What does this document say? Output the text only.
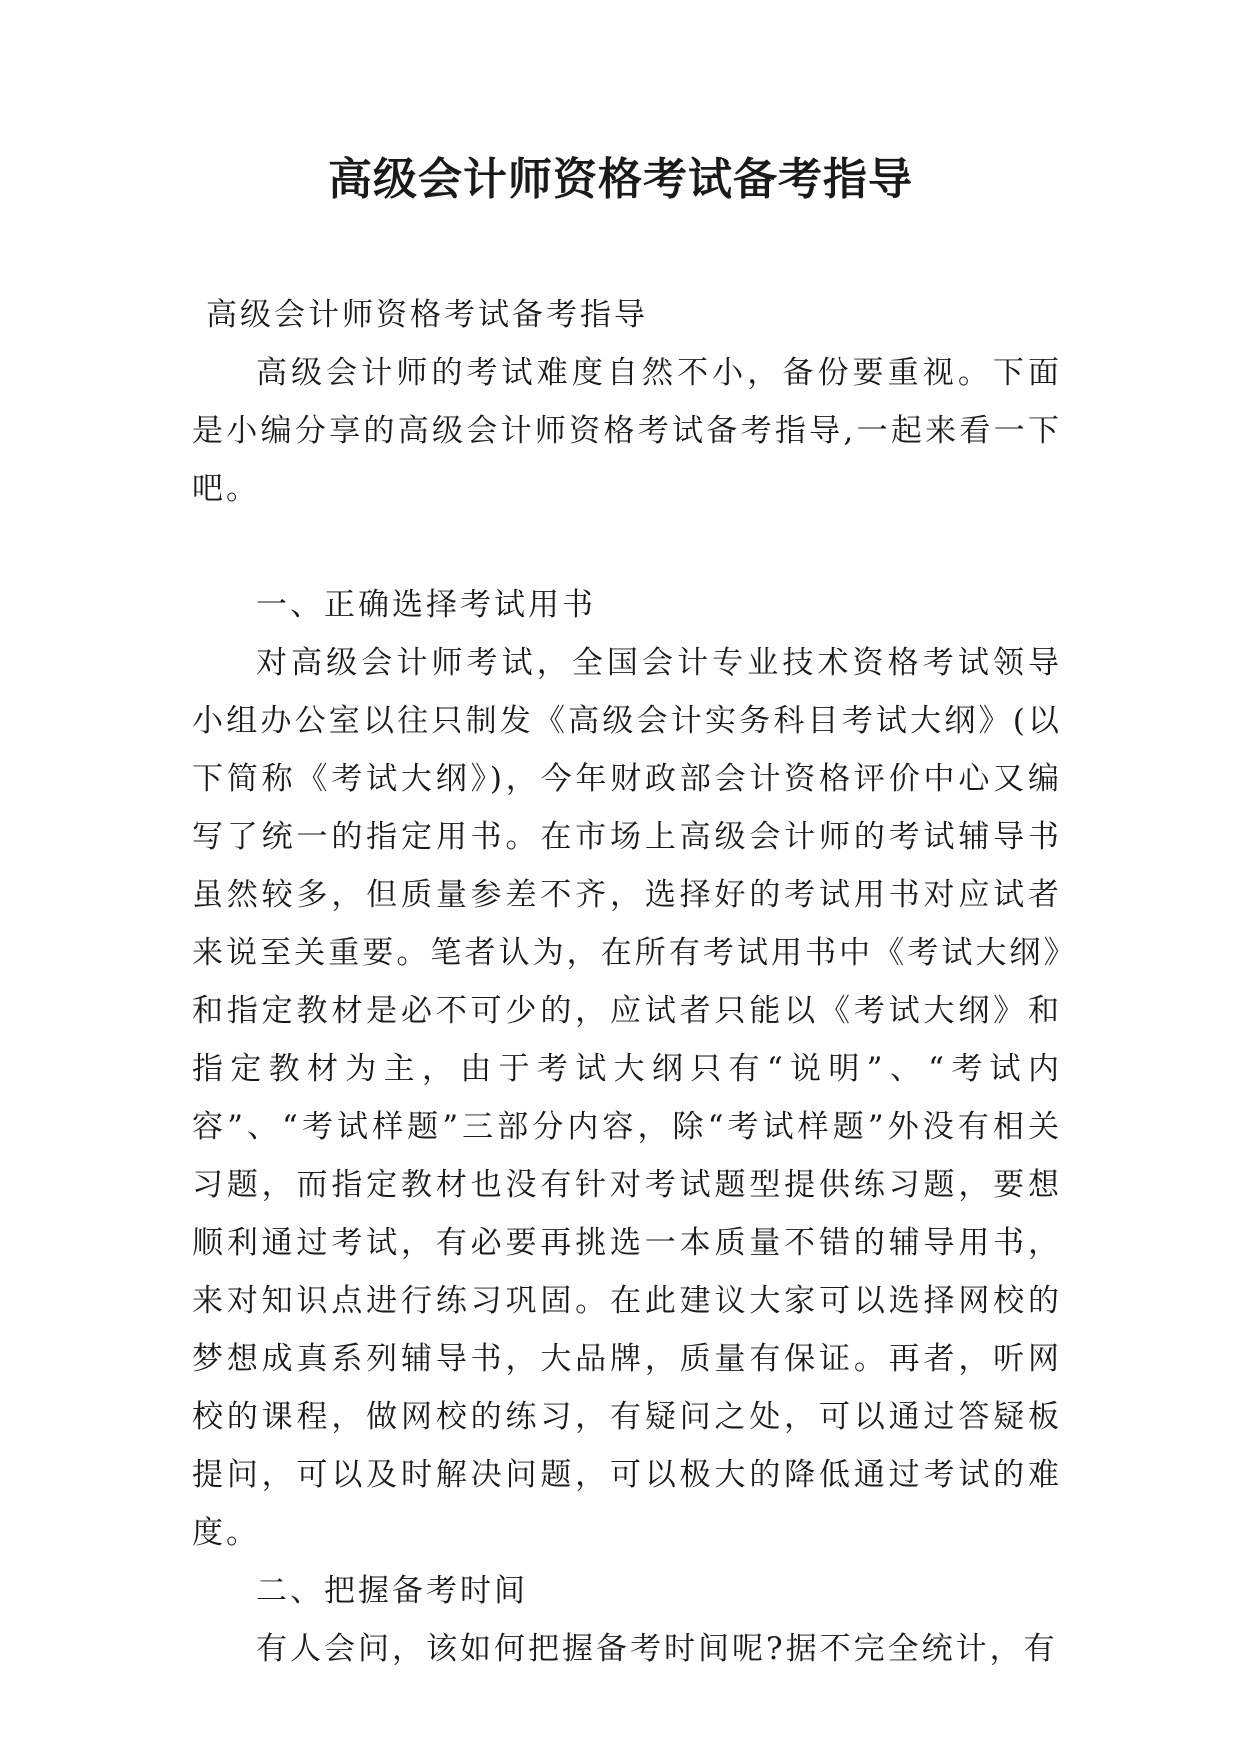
高级会计师资格考试备考指导

高级会计师资格考试备考指导

高级会计师的考试难度自然不小，备份要重视。下面是小编分享的高级会计师资格考试备考指导,一起来看一下吧。

一、正确选择考试用书

对高级会计师考试，全国会计专业技术资格考试领导小组办公室以往只制发《高级会计实务科目考试大纲》(以下简称《考试大纲》)，今年财政部会计资格评价中心又编写了统一的指定用书。在市场上高级会计师的考试辅导书虽然较多，但质量参差不齐，选择好的考试用书对应试者来说至关重要。笔者认为，在所有考试用书中《考试大纲》和指定教材是必不可少的，应试者只能以《考试大纲》和指定教材为主，由于考试大纲只有“说明”、“考试内容”、“考试样题”三部分内容，除“考试样题”外没有相关习题，而指定教材也没有针对考试题型提供练习题，要想顺利通过考试，有必要再挑选一本质量不错的辅导用书，来对知识点进行练习巩固。在此建议大家可以选择网校的梦想成真系列辅导书，大品牌，质量有保证。再者，听网校的课程，做网校的练习，有疑问之处，可以通过答疑板提问，可以及时解决问题，可以极大的降低通过考试的难度。

二、把握备考时间

有人会问，该如何把握备考时间呢?据不完全统计，有
